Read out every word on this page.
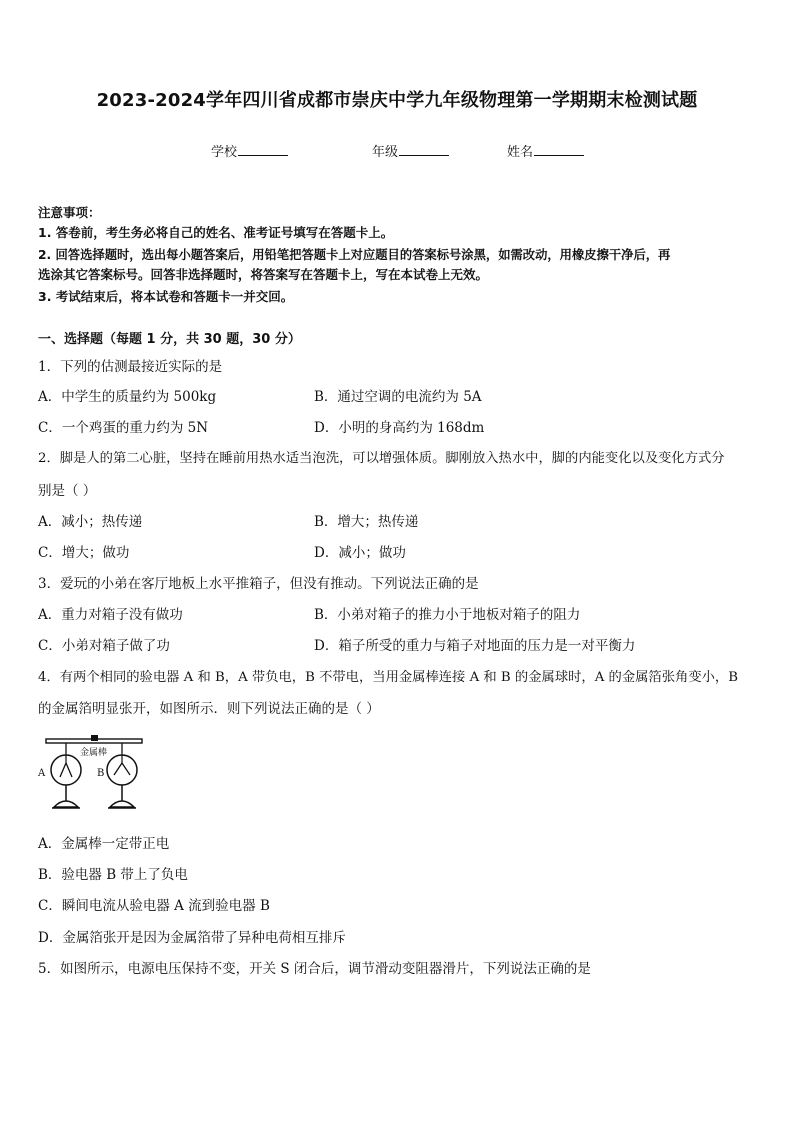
2023-2024学年四川省成都市崇庆中学九年级物理第一学期期末检测试题
学校	年级	姓名
注意事项：
1. 答卷前，考生务必将自己的姓名、准考证号填写在答题卡上。
2. 回答选择题时，选出每小题答案后，用铅笔把答题卡上对应题目的答案标号涂黑，如需改动，用橡皮擦干净后，再
选涂其它答案标号。回答非选择题时，将答案写在答题卡上，写在本试卷上无效。
3. 考试结束后，将本试卷和答题卡一并交回。
一、选择题（每题 1 分，共 30 题，30 分）
1．下列的估测最接近实际的是
A．中学生的质量约为 500kg	B．通过空调的电流约为 5A
C．一个鸡蛋的重力约为 5N	D．小明的身高约为 168dm
2．脚是人的第二心脏，坚持在睡前用热水适当泡洗，可以增强体质。脚刚放入热水中，脚的内能变化以及变化方式分
别是（ ）
A．减小；热传递	B．增大；热传递
C．增大；做功	D．减小；做功
3．爱玩的小弟在客厅地板上水平推箱子，但没有推动。下列说法正确的是
A．重力对箱子没有做功	B．小弟对箱子的推力小于地板对箱子的阻力
C．小弟对箱子做了功	D．箱子所受的重力与箱子对地面的压力是一对平衡力
4．有两个相同的验电器 A 和 B，A 带负电，B 不带电，当用金属棒连接 A 和 B 的金属球时，A 的金属箔张角变小，B
的金属箔明显张开，如图所示．则下列说法正确的是（ ）
金属棒
A	B
A．金属棒一定带正电
B．验电器 B 带上了负电
C．瞬间电流从验电器 A 流到验电器 B
D．金属箔张开是因为金属箔带了异种电荷相互排斥
5．如图所示，电源电压保持不变，开关 S 闭合后，调节滑动变阻器滑片，下列说法正确的是
